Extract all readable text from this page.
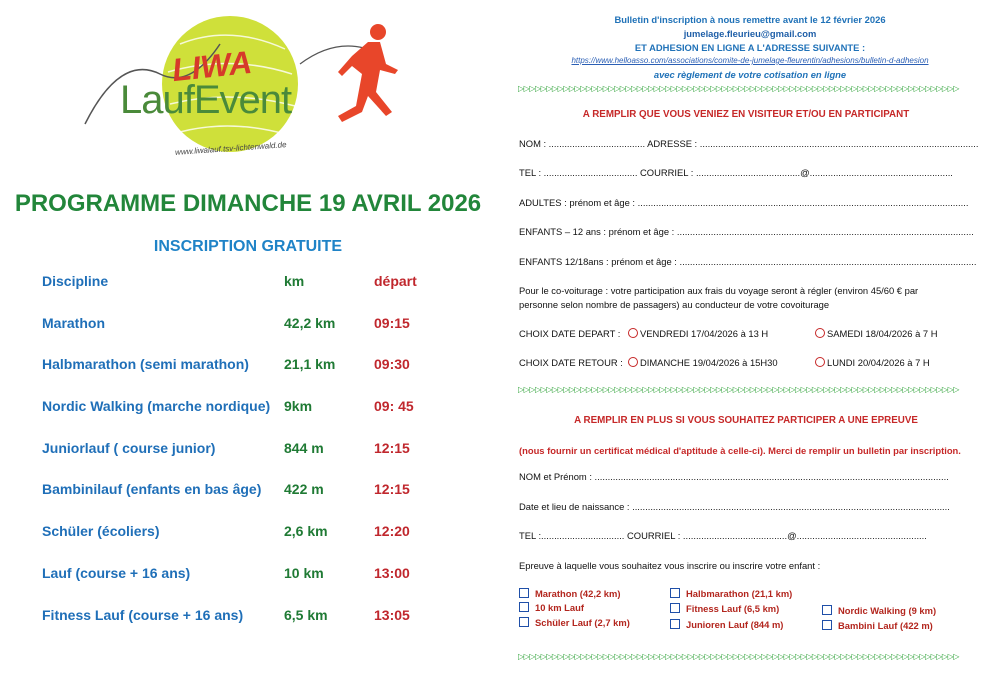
LIWA
LaufEvent
www.liwalauf.tsv-lichtenwald.de
PROGRAMME DIMANCHE 19 AVRIL 2026
INSCRIPTION GRATUITE
Discipline	km	départ
Marathon	42,2 km	09:15
Halbmarathon (semi marathon)	21,1 km	09:30
Nordic Walking (marche nordique) 9km	09: 45
Juniorlauf ( course junior)	844 m	12:15
Bambinilauf (enfants en bas âge) 422 m	12:15
Schüler (écoliers)	2,6 km	12:20
Lauf (course + 16 ans)	10 km	13:00
Fitness Lauf (course + 16 ans)	6,5 km	13:05
Bulletin d'inscription à nous remettre avant le 12 février 2026
jumelage.fleurieu@gmail.com
ET ADHESION EN LIGNE A L'ADRESSE SUIVANTE :
https://www.helloasso.com/associations/comite-de-jumelage-fleurentin/adhesions/bulletin-d-adhesion
avec règlement de votre cotisation en ligne
▷▷▷▷▷▷▷▷▷▷▷▷▷▷▷▷▷▷▷▷▷▷▷▷▷▷▷▷▷▷▷▷▷▷▷▷▷▷▷▷▷▷▷▷▷▷▷▷▷▷▷▷▷▷▷▷▷▷▷▷▷▷▷▷▷▷▷▷▷▷▷▷▷▷▷▷▷▷
A REMPLIR QUE VOUS VENIEZ EN VISITEUR ET/OU EN PARTICIPANT
NOM : ..................................... ADRESSE : ...........................................................................................................
TEL : .................................... COURRIEL : ........................................@.......................................................
ADULTES : prénom et âge : ...............................................................................................................................
ENFANTS – 12 ans : prénom et âge : ..................................................................................................................
ENFANTS 12/18ans : prénom et âge : ..................................................................................................................
Pour le co-voiturage : votre participation aux frais du voyage seront à régler (environ 45/60 € par
personne selon nombre de passagers) au conducteur de votre covoiturage
CHOIX DATE DEPART :	VENDREDI 17/04/2026 à 13 H	SAMEDI 18/04/2026 à 7 H
CHOIX DATE RETOUR :	DIMANCHE 19/04/2026 à 15H30	LUNDI 20/04/2026 à 7 H
▷▷▷▷▷▷▷▷▷▷▷▷▷▷▷▷▷▷▷▷▷▷▷▷▷▷▷▷▷▷▷▷▷▷▷▷▷▷▷▷▷▷▷▷▷▷▷▷▷▷▷▷▷▷▷▷▷▷▷▷▷▷▷▷▷▷▷▷▷▷▷▷▷▷▷▷▷▷
A REMPLIR EN PLUS SI VOUS SOUHAITEZ PARTICIPER A UNE EPREUVE
(nous fournir un certificat médical d'aptitude à celle-ci). Merci de remplir un bulletin par inscription.
NOM et Prénom : ........................................................................................................................................
Date et lieu de naissance : ..........................................................................................................................
TEL :................................ COURRIEL : ........................................@..................................................
Epreuve à laquelle vous souhaitez vous inscrire ou inscrire votre enfant :
Marathon (42,2 km)	Halbmarathon (21,1 km)
10 km Lauf	Fitness Lauf (6,5 km)	Nordic Walking (9 km)
Schüler Lauf (2,7 km)	Junioren Lauf (844 m)	Bambini Lauf (422 m)
▷▷▷▷▷▷▷▷▷▷▷▷▷▷▷▷▷▷▷▷▷▷▷▷▷▷▷▷▷▷▷▷▷▷▷▷▷▷▷▷▷▷▷▷▷▷▷▷▷▷▷▷▷▷▷▷▷▷▷▷▷▷▷▷▷▷▷▷▷▷▷▷▷▷▷▷▷▷
